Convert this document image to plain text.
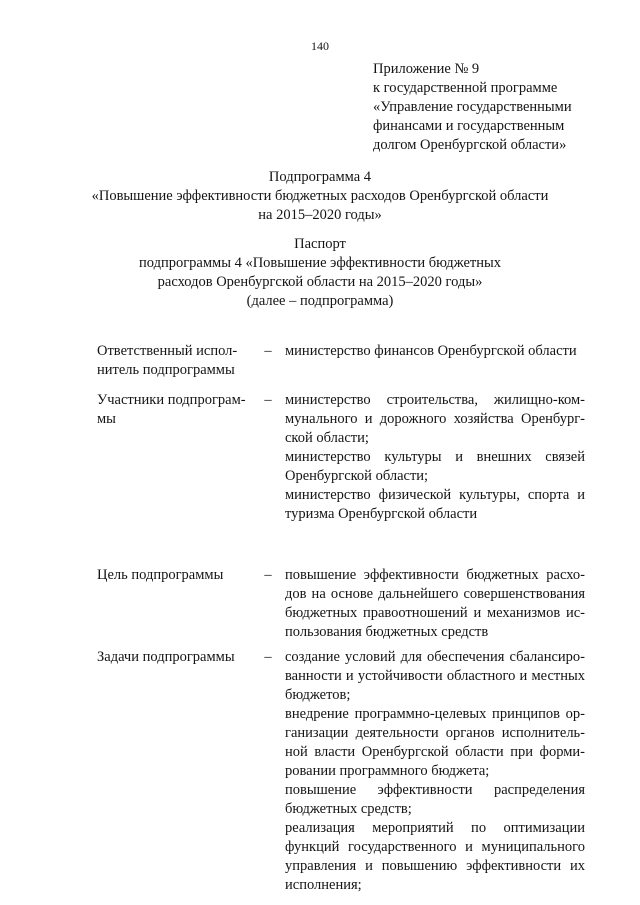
140
Приложение № 9
к государственной программе
«Управление государственными
финансами и государственным
долгом Оренбургской области»
Подпрограмма 4
«Повышение эффективности бюджетных расходов Оренбургской области
на 2015–2020 годы»
Паспорт
подпрограммы 4 «Повышение эффективности бюджетных
расходов Оренбургской области на 2015–2020 годы»
(далее – подпрограмма)
Ответственный испол-
нитель подпрограммы
– министерство финансов Оренбургской области
Участники подпрограм-
мы
– министерство строительства, жилищно-ком-
мунального и дорожного хозяйства Оренбург-
ской области;
министерство культуры и внешних связей
Оренбургской области;
министерство физической культуры, спорта и
туризма Оренбургской области
Цель подпрограммы	– повышение эффективности бюджетных расхо-
дов на основе дальнейшего совершенствования
бюджетных правоотношений и механизмов ис-
пользования бюджетных средств
Задачи подпрограммы	– создание условий для обеспечения сбалансиро-
ванности и устойчивости областного и местных
бюджетов;
внедрение программно-целевых принципов ор-
ганизации деятельности органов исполнитель-
ной власти Оренбургской области при форми-
ровании программного бюджета;
повышение эффективности распределения
бюджетных средств;
реализация мероприятий по оптимизации
функций государственного и муниципального
управления и повышению эффективности их
исполнения;
